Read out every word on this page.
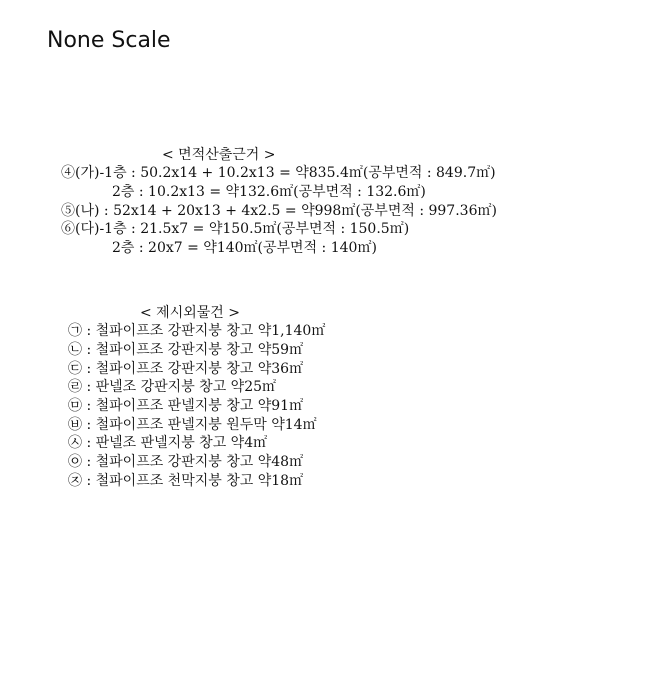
None Scale
< 면적산출근거 >
④(가)-1층 : 50.2x14 + 10.2x13 = 약835.4㎡(공부면적 : 849.7㎡)
2층 : 10.2x13 = 약132.6㎡(공부면적 : 132.6㎡)
⑤(나) : 52x14 + 20x13 + 4x2.5 = 약998㎡(공부면적 : 997.36㎡)
⑥(다)-1층 : 21.5x7 = 약150.5㎡(공부면적 : 150.5㎡)
2층 : 20x7 = 약140㎡(공부면적 : 140㎡)
< 제시외물건 >
㉠ : 철파이프조 강판지붕 창고 약1,140㎡
㉡ : 철파이프조 강판지붕 창고 약59㎡
㉢ : 철파이프조 강판지붕 창고 약36㎡
㉣ : 판넬조 강판지붕 창고 약25㎡
㉤ : 철파이프조 판넬지붕 창고 약91㎡
㉥ : 철파이프조 판넬지붕 원두막 약14㎡
㉦ : 판넬조 판넬지붕 창고 약4㎡
㉧ : 철파이프조 강판지붕 창고 약48㎡
㉨ : 철파이프조 천막지붕 창고 약18㎡
